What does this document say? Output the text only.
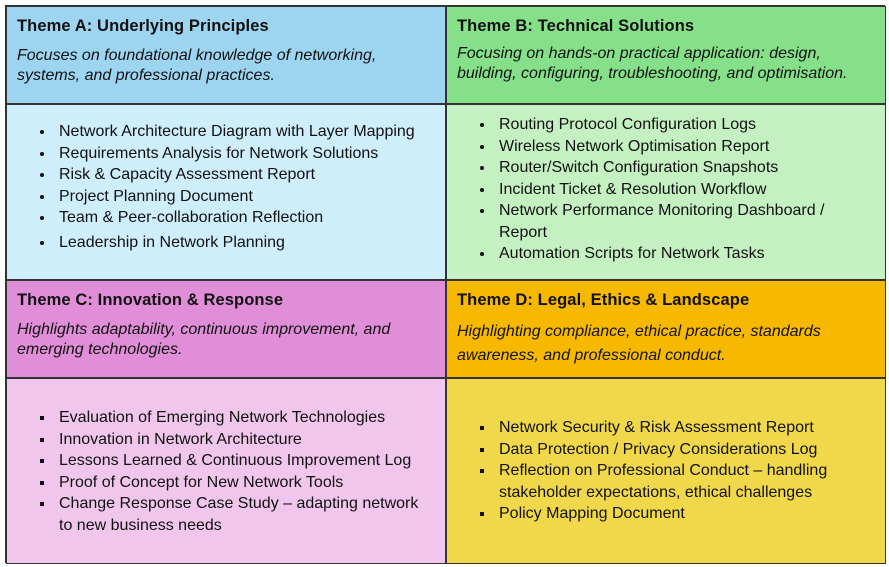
Theme A: Underlying Principles
Focuses on foundational knowledge of networking, systems, and professional practices.
Theme B: Technical Solutions
Focusing on hands-on practical application: design, building, configuring, troubleshooting, and optimisation.
• Network Architecture Diagram with Layer Mapping
• Requirements Analysis for Network Solutions
• Risk & Capacity Assessment Report
• Project Planning Document
• Team & Peer-collaboration Reflection
• Leadership in Network Planning
• Routing Protocol Configuration Logs
• Wireless Network Optimisation Report
• Router/Switch Configuration Snapshots
• Incident Ticket & Resolution Workflow
• Network Performance Monitoring Dashboard / Report
• Automation Scripts for Network Tasks
Theme C: Innovation & Response
Highlights adaptability, continuous improvement, and emerging technologies.
Theme D: Legal, Ethics & Landscape
Highlighting compliance, ethical practice, standards awareness, and professional conduct.
▪ Evaluation of Emerging Network Technologies
▪ Innovation in Network Architecture
▪ Lessons Learned & Continuous Improvement Log
▪ Proof of Concept for New Network Tools
▪ Change Response Case Study – adapting network to new business needs
▪ Network Security & Risk Assessment Report
▪ Data Protection / Privacy Considerations Log
▪ Reflection on Professional Conduct – handling stakeholder expectations, ethical challenges
▪ Policy Mapping Document
